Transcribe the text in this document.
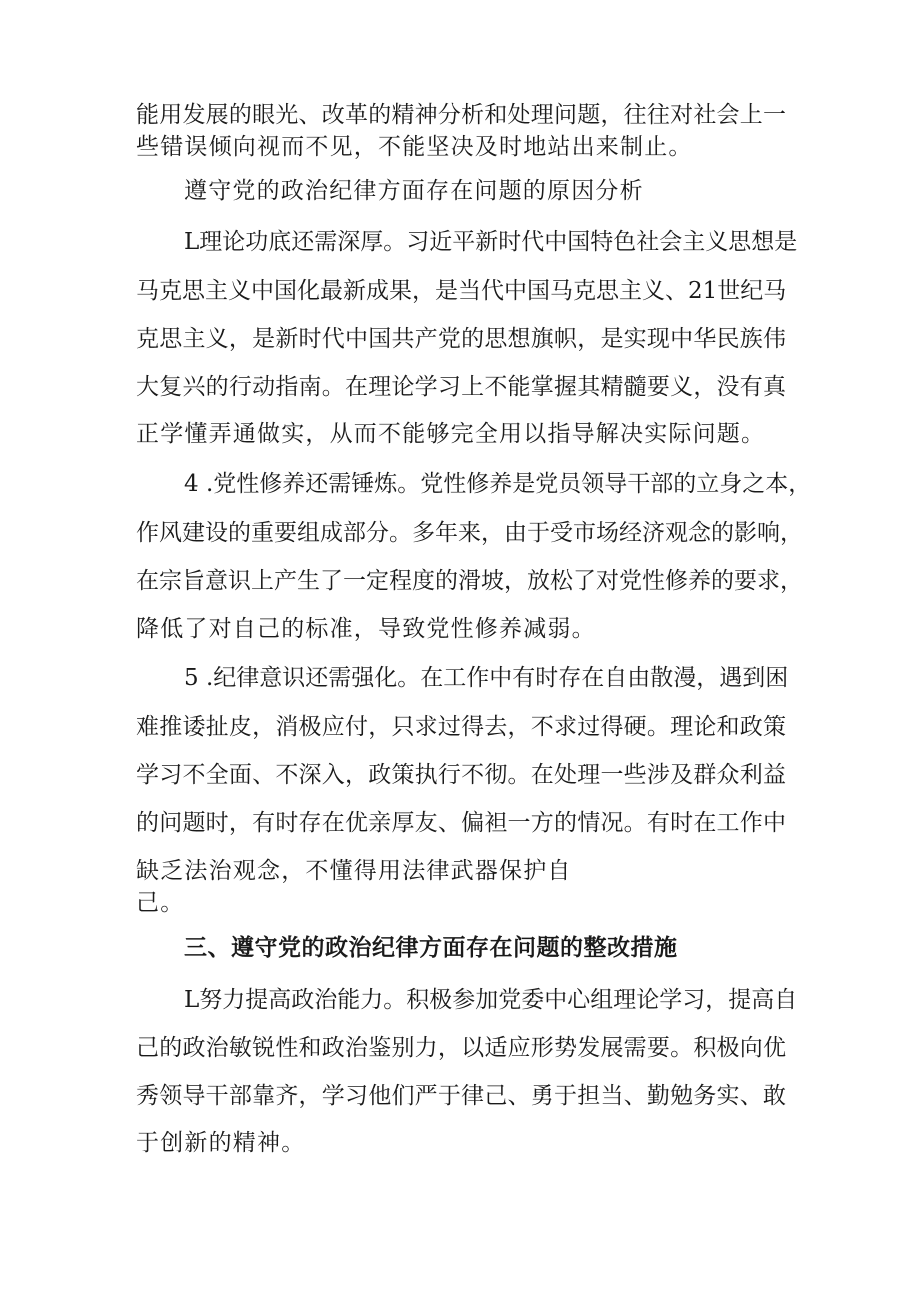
能用发展的眼光、改革的精神分析和处理问题，往往对社会上一
些错误倾向视而不见，不能坚决及时地站出来制止。
遵守党的政治纪律方面存在问题的原因分析
L理论功底还需深厚。习近平新时代中国特色社会主义思想是
马克思主义中国化最新成果，是当代中国马克思主义、21世纪马
克思主义，是新时代中国共产党的思想旗帜，是实现中华民族伟
大复兴的行动指南。在理论学习上不能掌握其精髓要义，没有真
正学懂弄通做实，从而不能够完全用以指导解决实际问题。
4 .党性修养还需锤炼。党性修养是党员领导干部的立身之本，
作风建设的重要组成部分。多年来，由于受市场经济观念的影响，
在宗旨意识上产生了一定程度的滑坡，放松了对党性修养的要求，
降低了对自己的标准，导致党性修养减弱。
5 .纪律意识还需强化。在工作中有时存在自由散漫，遇到困
难推诿扯皮，消极应付，只求过得去，不求过得硬。理论和政策
学习不全面、不深入，政策执行不彻。在处理一些涉及群众利益
的问题时，有时存在优亲厚友、偏袒一方的情况。有时在工作中
缺乏法治观念，不懂得用法律武器保护自
己。
三、遵守党的政治纪律方面存在问题的整改措施
L努力提高政治能力。积极参加党委中心组理论学习，提高自
己的政治敏锐性和政治鉴别力，以适应形势发展需要。积极向优
秀领导干部靠齐，学习他们严于律己、勇于担当、勤勉务实、敢
于创新的精神。
